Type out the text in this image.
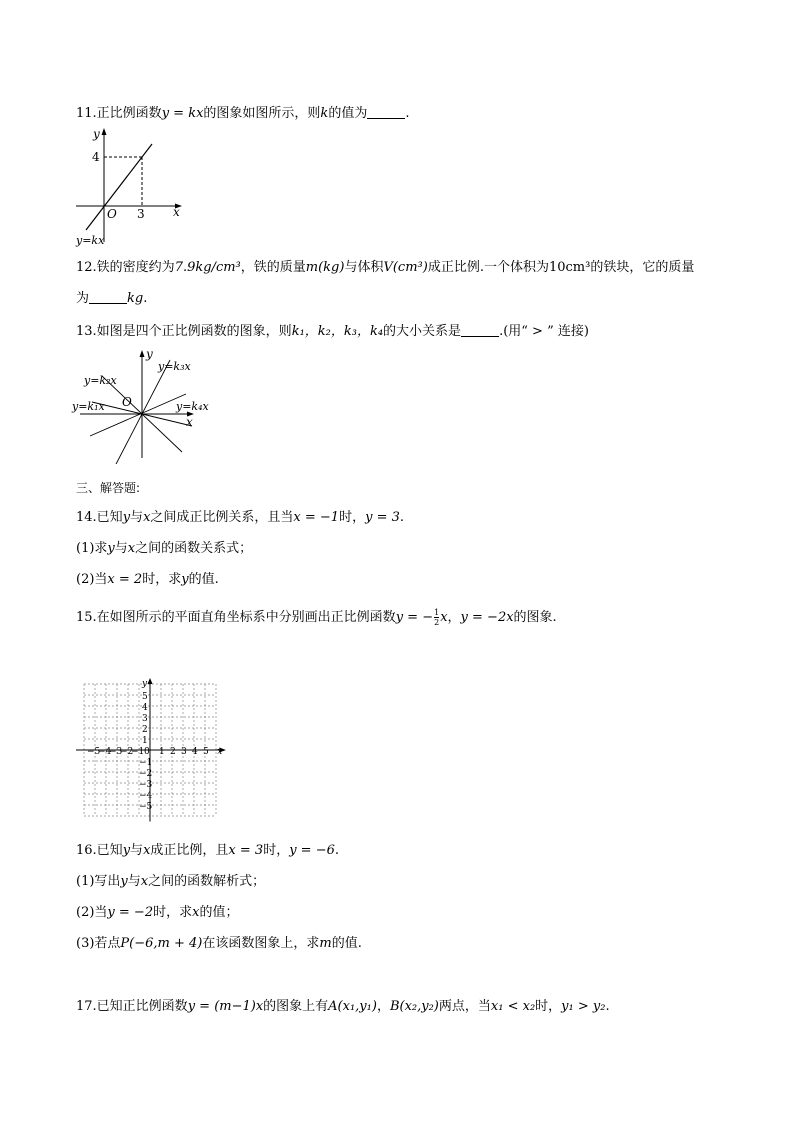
11.正比例函数y = kx的图象如图所示，则k的值为	.
y
x
O
4
3
y=kx
12.铁的密度约为7.9kg/cm³，铁的质量m(kg)与体积V(cm³)成正比例.一个体积为10cm³的铁块，它的质量
为	kg.
13.如图是四个正比例函数的图象，则k₁，k₂，k₃，k₄的大小关系是	.(用“ > ” 连接)
y
x
O
y=k₂x
y=k₁x
y=k₃x
y=k₄x
三、解答题:
14.已知y与x之间成正比例关系，且当x = −1时，y = 3.
(1)求y与x之间的函数关系式；
(2)当x = 2时，求y的值.
15.在如图所示的平面直角坐标系中分别画出正比例函数y = − $\frac{1}{2}$ x，y = −2x的图象.
−5
−4
−3
−2
−1 0 1 2 3 4 5 x
y
5
4
3
2
1
−1
−2
−3
−4
−5
16.已知y与x成正比例，且x = 3时，y = −6.
(1)写出y与x之间的函数解析式；
(2)当y = −2时，求x的值；
(3)若点P(−6,m + 4)在该函数图象上，求m的值.
17.已知正比例函数y = (m−1)x的图象上有A(x₁,y₁)，B(x₂,y₂)两点，当x₁ < x₂时，y₁ > y₂.
